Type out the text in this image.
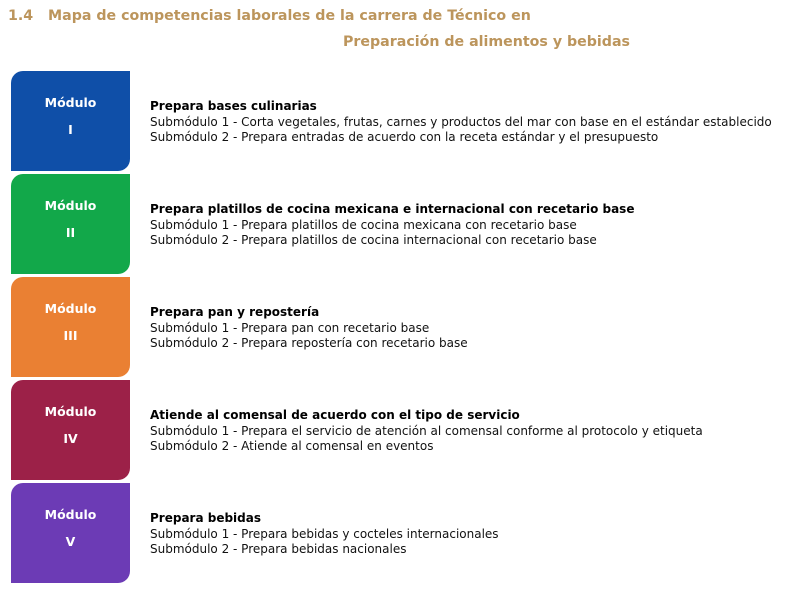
1.4 Mapa de competencias laborales de la carrera de Técnico en
Preparación de alimentos y bebidas
Módulo
I
Prepara bases culinarias
Submódulo 1 - Corta vegetales, frutas, carnes y productos del mar con base en el estándar establecido
Submódulo 2 - Prepara entradas de acuerdo con la receta estándar y el presupuesto
Módulo
II
Prepara platillos de cocina mexicana e internacional con recetario base
Submódulo 1 - Prepara platillos de cocina mexicana con recetario base
Submódulo 2 - Prepara platillos de cocina internacional con recetario base
Módulo
III
Prepara pan y repostería
Submódulo 1 - Prepara pan con recetario base
Submódulo 2 - Prepara repostería con recetario base
Módulo
IV
Atiende al comensal de acuerdo con el tipo de servicio
Submódulo 1 - Prepara el servicio de atención al comensal conforme al protocolo y etiqueta
Submódulo 2 - Atiende al comensal en eventos
Módulo
V
Prepara bebidas
Submódulo 1 - Prepara bebidas y cocteles internacionales
Submódulo 2 - Prepara bebidas nacionales
